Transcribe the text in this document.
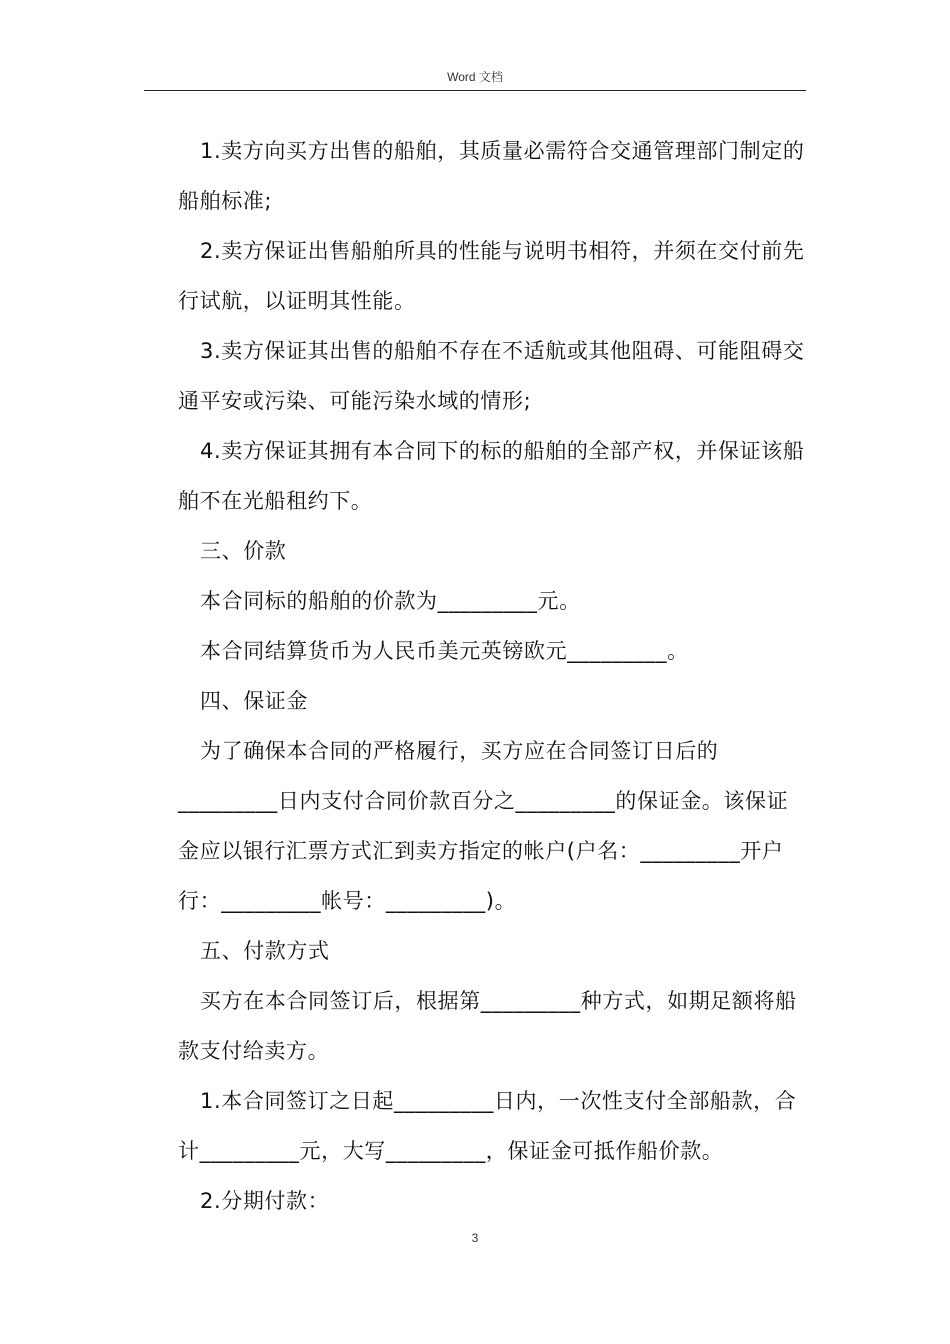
Word 文档

1.卖方向买方出售的船舶，其质量必需符合交通管理部门制定的船舶标准;

2.卖方保证出售船舶所具的性能与说明书相符，并须在交付前先行试航，以证明其性能。

3.卖方保证其出售的船舶不存在不适航或其他阻碍、可能阻碍交通平安或污染、可能污染水域的情形;

4.卖方保证其拥有本合同下的标的船舶的全部产权，并保证该船舶不在光船租约下。

三、价款

本合同标的船舶的价款为_________元。

本合同结算货币为人民币美元英镑欧元_________。

四、保证金

为了确保本合同的严格履行，买方应在合同签订日后的_________日内支付合同价款百分之_________的保证金。该保证金应以银行汇票方式汇到卖方指定的帐户(户名：_________开户行：_________帐号：_________)。

五、付款方式

买方在本合同签订后，根据第_________种方式，如期足额将船款支付给卖方。

1.本合同签订之日起_________日内，一次性支付全部船款，合计_________元，大写_________，保证金可抵作船价款。

2.分期付款：

3
